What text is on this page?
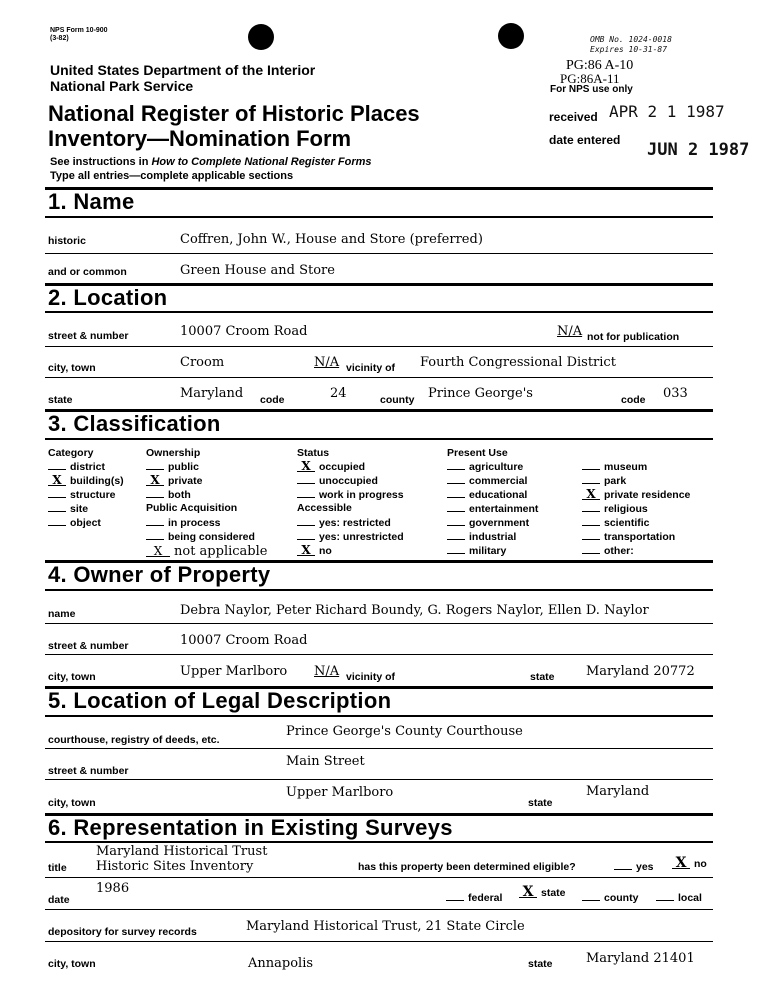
NPS Form 10-900
(3-82)	OMB No. 1024-0018
Expires 10-31-87
PG:86 A-10
PG:86A-11
United States Department of the Interior
National Park Service	For NPS use only
National Register of Historic Places
Inventory—Nomination Form
received APR 2 1 1987
date entered JUN 2 1987
See instructions in How to Complete National Register Forms
Type all entries—complete applicable sections
1. Name
historic	Coffren, John W., House and Store (preferred)
and or common	Green House and Store
2. Location
street & number	10007 Croom Road	N/A not for publication
city, town	Croom	N/A vicinity of Fourth Congressional District
state	Maryland code	24	county Prince George's	code 033
3. Classification
Category
district
X building(s)
structure
site
object
Ownership
public
X private
both
Public Acquisition
in process
being considered
X not applicable
Status
X occupied
unoccupied
work in progress
Accessible
yes: restricted
yes: unrestricted
X no
Present Use
agriculture
commercial
educational
entertainment
government
industrial
military
museum
park
X private residence
religious
scientific
transportation
other:
4. Owner of Property
name	Debra Naylor, Peter Richard Boundy, G. Rogers Naylor, Ellen D. Naylor
street & number	10007 Croom Road
city, town	Upper Marlboro N/A vicinity of	state Maryland 20772
5. Location of Legal Description
courthouse, registry of deeds, etc.
Prince George's County Courthouse
street & number
Main Street
city, town
Upper Marlboro
state
Maryland
6. Representation in Existing Surveys
title
Maryland Historical Trust
Historic Sites Inventory	has this property been determined eligible?	yes X no
date
1986
federal X state	county	local
depository for survey records	Maryland Historical Trust, 21 State Circle
city, town	Annapolis	state	Maryland 21401
